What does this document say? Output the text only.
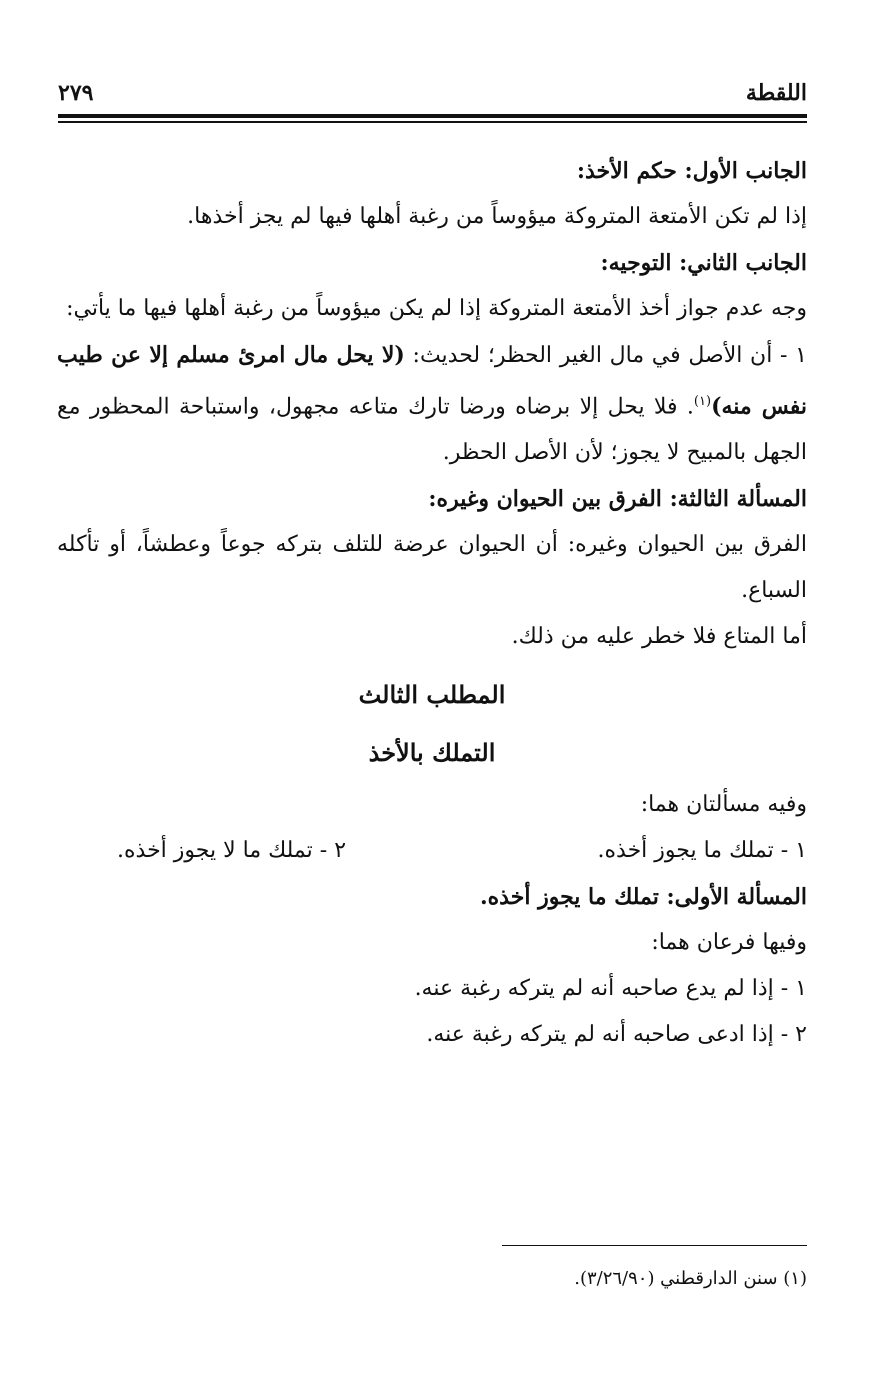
اللقطة
٢٧٩

الجانب الأول: حكم الأخذ:

إذا لم تكن الأمتعة المتروكة ميؤوساً من رغبة أهلها فيها لم يجز أخذها.

الجانب الثاني: التوجيه:

وجه عدم جواز أخذ الأمتعة المتروكة إذا لم يكن ميؤوساً من رغبة أهلها فيها ما يأتي:

١ - أن الأصل في مال الغير الحظر؛ لحديث: (لا يحل مال امرئ مسلم إلا عن طيب نفس منه)$^{(١)}$. فلا يحل إلا برضاه ورضا تارك متاعه مجهول، واستباحة المحظور مع الجهل بالمبيح لا يجوز؛ لأن الأصل الحظر.

المسألة الثالثة: الفرق بين الحيوان وغيره:

الفرق بين الحيوان وغيره: أن الحيوان عرضة للتلف بتركه جوعاً وعطشاً، أو تأكله السباع.

أما المتاع فلا خطر عليه من ذلك.

المطلب الثالث

التملك بالأخذ

وفيه مسألتان هما:

١ - تملك ما يجوز أخذه.
٢ - تملك ما لا يجوز أخذه.

المسألة الأولى: تملك ما يجوز أخذه.

وفيها فرعان هما:

١ - إذا لم يدع صاحبه أنه لم يتركه رغبة عنه.

٢ - إذا ادعى صاحبه أنه لم يتركه رغبة عنه.

(١) سنن الدارقطني (٣/٢٦/٩٠).
